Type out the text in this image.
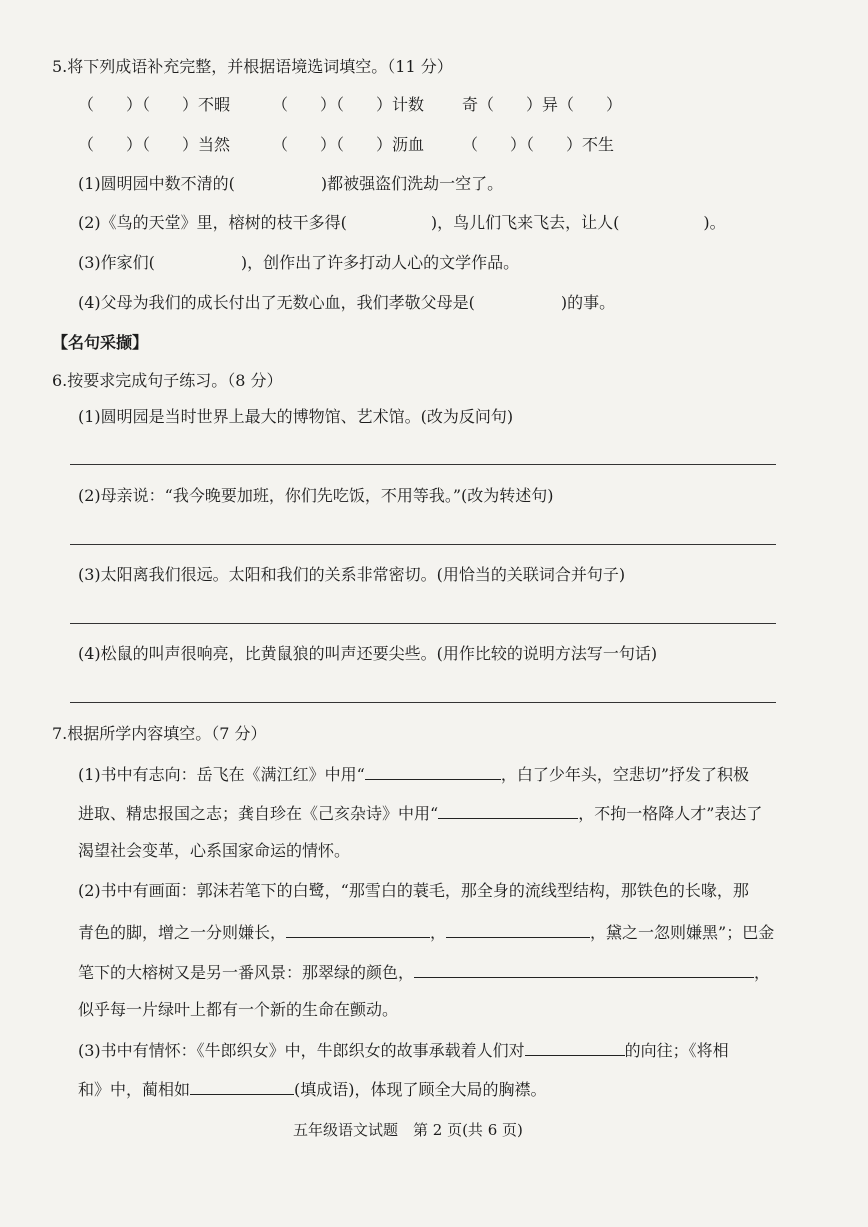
5.将下列成语补充完整，并根据语境选词填空。（11 分）
（　　）（　　）不暇	（　　）（　　）计数 奇（　　）异（　　）
（　　）（　　）当然	（　　）（　　）沥血 （　　）（　　）不生
(1)圆明园中数不清的(	)都被强盗们洗劫一空了。
(2)《鸟的天堂》里，榕树的枝干多得(	)，鸟儿们飞来飞去，让人(	)。
(3)作家们(	)，创作出了许多打动人心的文学作品。
(4)父母为我们的成长付出了无数心血，我们孝敬父母是(	)的事。
【名句采撷】
6.按要求完成句子练习。（8 分）
(1)圆明园是当时世界上最大的博物馆、艺术馆。(改为反问句)
(2)母亲说：“我今晚要加班，你们先吃饭，不用等我。”(改为转述句)
(3)太阳离我们很远。太阳和我们的关系非常密切。(用恰当的关联词合并句子)
(4)松鼠的叫声很响亮，比黄鼠狼的叫声还要尖些。(用作比较的说明方法写一句话)
7.根据所学内容填空。（7 分）
(1)书中有志向：岳飞在《满江红》中用“	，白了少年头，空悲切”抒发了积极
进取、精忠报国之志；龚自珍在《己亥杂诗》中用“	，不拘一格降人才”表达了
渴望社会变革，心系国家命运的情怀。
(2)书中有画面：郭沫若笔下的白鹭，“那雪白的蓑毛，那全身的流线型结构，那铁色的长喙，那
青色的脚，增之一分则嫌长，	，	，黛之一忽则嫌黑”；巴金
笔下的大榕树又是另一番风景：那翠绿的颜色，	，
似乎每一片绿叶上都有一个新的生命在颤动。
(3)书中有情怀：《牛郎织女》中，牛郎织女的故事承载着人们对	的向往；《将相
和》中，蔺相如	(填成语)，体现了顾全大局的胸襟。
五年级语文试题　第 2 页(共 6 页)
